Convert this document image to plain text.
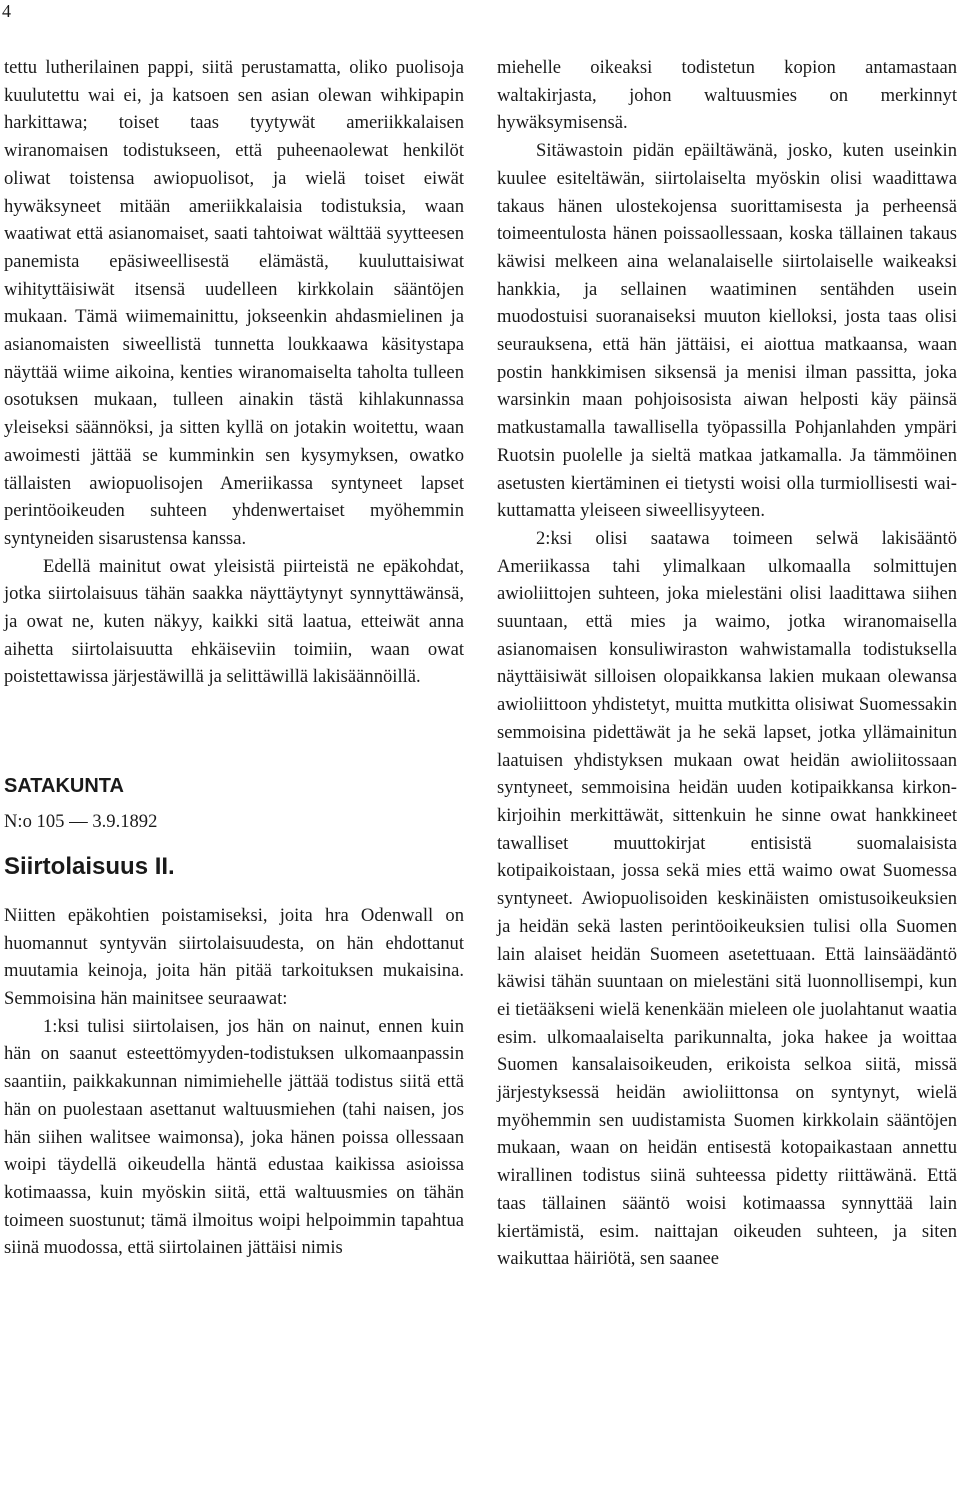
4

tettu lutherilainen pappi, siitä perustamatta, oliko puolisoja kuulutettu wai ei, ja katsoen sen asian olewan wihkipapin harkittawa; toiset taas tyytywät ameriikkalaisen wiranomaisen todistukseen, että puheenaolewat henkilöt oliwat toistensa awiopuolisot, ja wielä toiset eiwät hywäksyneet mitään ameriikkalaisia todistuksia, waan waatiwat että asianomaiset, saati tahtoiwat wälttää syytteesen panemista epäsiweellisestä elämästä, kuuluttaisiwat wihityttäisiwät itsensä uudelleen kirkkolain sääntöjen mukaan. Tämä wiimemainittu, jokseenkin ahdasmielinen ja asianomaisten siweellistä tunnetta loukkaawa käsitystapa näyttää wiime aikoina, kenties wiranomaiselta taholta tulleen osotuksen mukaan, tulleen ainakin tästä kihlakunnassa yleiseksi säännöksi, ja sitten kyllä on jotakin woitettu, waan awoimesti jättää se kumminkin sen kysymyksen, owatko tällaisten awiopuolisojen Ameriikassa syntyneet lapset perintöoikeuden suhteen yhdenwertaiset myöhemmin syntyneiden sisarustensa kanssa.

Edellä mainitut owat yleisistä piirteistä ne epäkohdat, jotka siirtolaisuus tähän saakka näyttäytynyt synnyttäwänsä, ja owat ne, kuten näkyy, kaikki sitä laatua, etteiwät anna aihetta siirtolaisuutta ehkäiseviin toimiin, waan owat poistettawissa järjestäwillä ja selittäwillä lakisäännöillä.

SATAKUNTA

N:o 105 — 3.9.1892

Siirtolaisuus II.

Niitten epäkohtien poistamiseksi, joita hra Odenwall on huomannut syntyvän siirtolaisuudesta, on hän ehdottanut muutamia keinoja, joita hän pitää tarkoituksen mukaisina. Semmoisina hän mainitsee seuraawat:

1:ksi tulisi siirtolaisen, jos hän on nainut, ennen kuin hän on saanut esteettömyyden-todistuksen ulkomaanpassin saantiin, paikkakunnan nimimiehelle jättää todistus siitä että hän on puolestaan asettanut waltuusmiehen (tahi naisen, jos hän siihen walitsee waimonsa), joka hänen poissa ollessaan woipi täydellä oikeudella häntä edustaa kaikissa asioissa kotimaassa, kuin myöskin siitä, että waltuusmies on tähän toimeen suostunut; tämä ilmoitus woipi helpoimmin tapahtua siinä muodossa, että siirtolainen jättäisi nimis

miehelle oikeaksi todistetun kopion antamastaan waltakirjasta, johon waltuusmies on merkinnyt hywäksymisensä.

Sitäwastoin pidän epäiltäwänä, josko, kuten useinkin kuulee esiteltäwän, siirtolaiselta myöskin olisi waadittawa takaus hänen ulostekojensa suorittamisesta ja perheensä toimeentulosta hänen poissaollessaan, koska tällainen takaus käwisi melkeen aina welanalaiselle siirtolaiselle waikeaksi hankkia, ja sellainen waatiminen sentähden usein muodostuisi suoranaiseksi muuton kielloksi, josta taas olisi seurauksena, että hän jättäisi, ei aiottua matkaansa, waan postin hankkimisen siksensä ja menisi ilman passitta, joka warsinkin maan pohjoisosista aiwan helposti käy päinsä matkustamalla tawallisella työpassilla Pohjanlahden ympäri Ruotsin puolelle ja sieltä matkaa jatkamalla. Ja tämmöinen asetusten kiertäminen ei tietysti woisi olla turmiollisesti waikuttamatta yleiseen siweellisyyteen.

2:ksi olisi saatawa toimeen selwä lakisääntö Ameriikassa tahi ylimalkaan ulkomaalla solmittujen awioliittojen suhteen, joka mielestäni olisi laadittawa siihen suuntaan, että mies ja waimo, jotka wiranomaisella asianomaisen konsuliwiraston wahwistamalla todistuksella näyttäisiwät silloisen olopaikkansa lakien mukaan olewansa awioliittoon yhdistetyt, muitta mutkitta olisiwat Suomessakin semmoisina pidettäwät ja he sekä lapset, jotka yllämainitun laatuisen yhdistyksen mukaan owat heidän awioliitossaan syntyneet, semmoisina heidän uuden kotipaikkansa kirkonkirjoihin merkittäwät, sittenkuin he sinne owat hankkineet tawalliset muuttokirjat entisistä suomalaisista kotipaikoistaan, jossa sekä mies että waimo owat Suomessa syntyneet. Awiopuolisoiden keskinäisten omistusoikeuksien ja heidän sekä lasten perintöoikeuksien tulisi olla Suomen lain alaiset heidän Suomeen asetettuaan. Että lainsäädäntö käwisi tähän suuntaan on mielestäni sitä luonnollisempi, kun ei tietääkseni wielä kenenkään mieleen ole juolahtanut waatia esim. ulkomaalaiselta parikunnalta, joka hakee ja woittaa Suomen kansalaisoikeuden, erikoista selkoa siitä, missä järjestyksessä heidän awioliittonsa on syntynyt, wielä myöhemmin sen uudistamista Suomen kirkkolain sääntöjen mukaan, waan on heidän entisestä kotopaikastaan annettu wirallinen todistus siinä suhteessa pidetty riittäwänä. Että taas tällainen sääntö woisi kotimaassa synnyttää lain kiertämistä, esim. naittajan oikeuden suhteen, ja siten waikuttaa häiriötä, sen saanee
